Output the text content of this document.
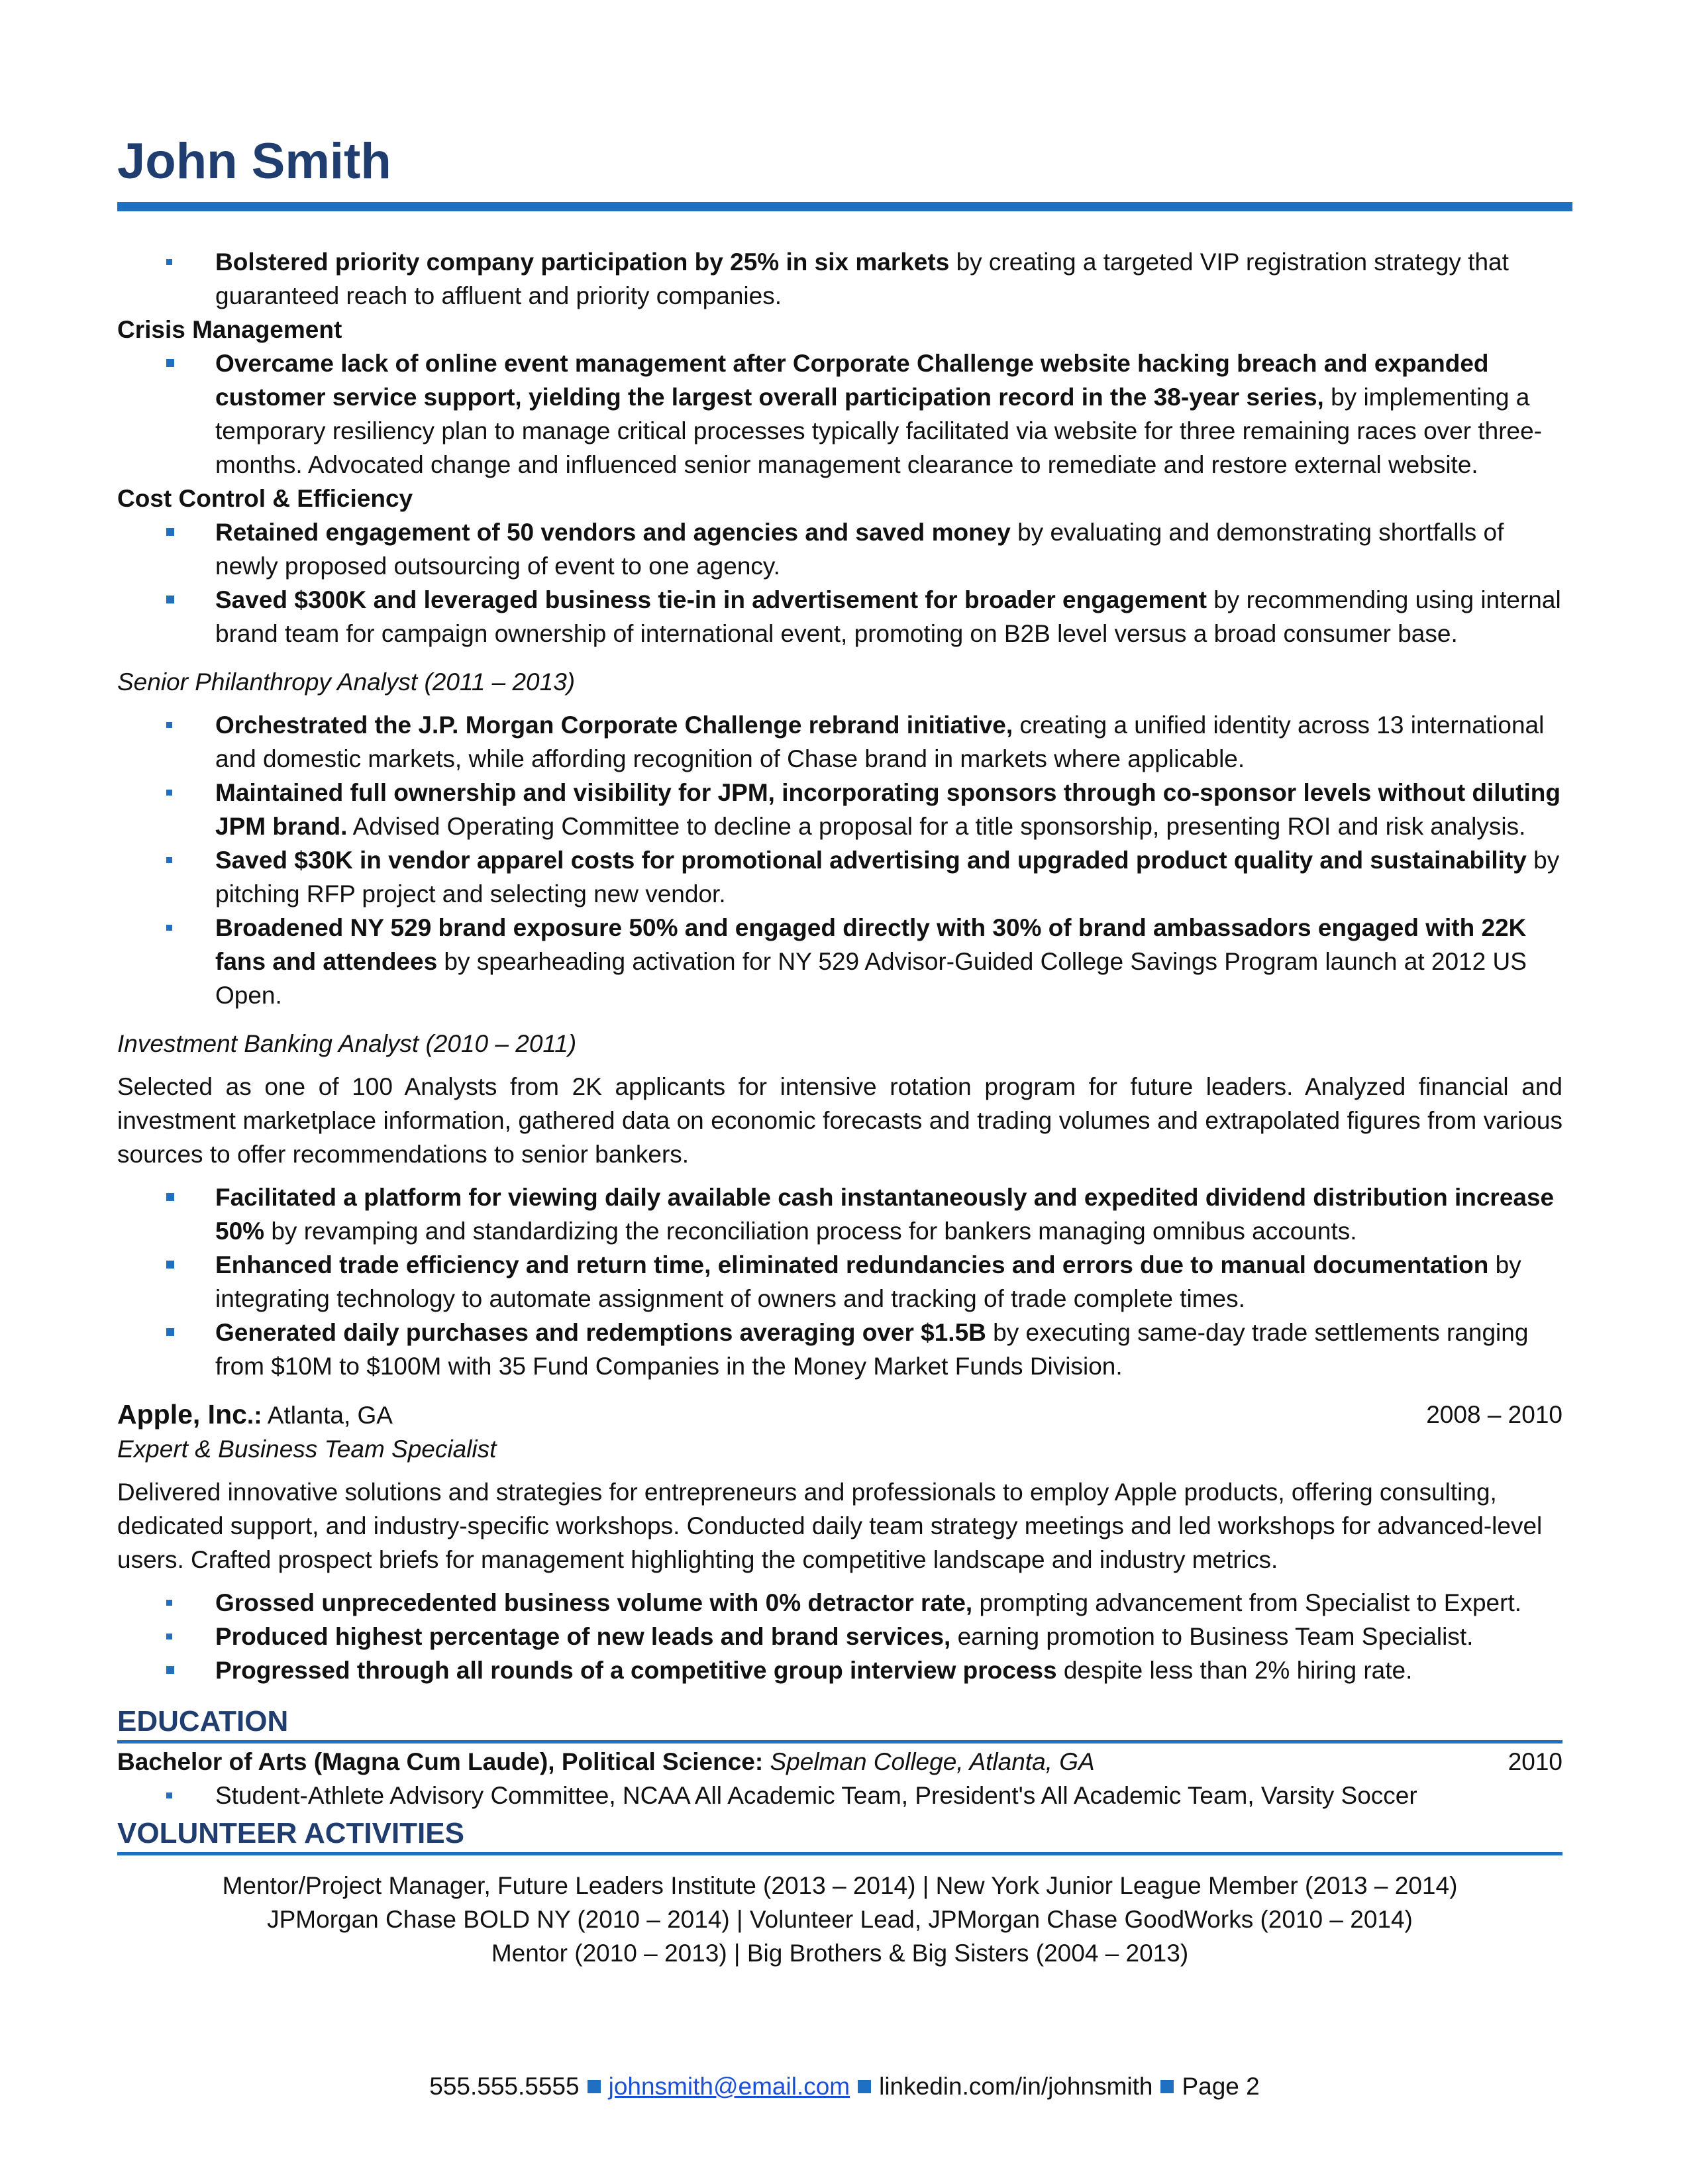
John Smith
Bolstered priority company participation by 25% in six markets by creating a targeted VIP registration strategy that guaranteed reach to affluent and priority companies.
Crisis Management
Overcame lack of online event management after Corporate Challenge website hacking breach and expanded customer service support, yielding the largest overall participation record in the 38-year series, by implementing a temporary resiliency plan to manage critical processes typically facilitated via website for three remaining races over three-months. Advocated change and influenced senior management clearance to remediate and restore external website.
Cost Control & Efficiency
Retained engagement of 50 vendors and agencies and saved money by evaluating and demonstrating shortfalls of newly proposed outsourcing of event to one agency.
Saved $300K and leveraged business tie-in in advertisement for broader engagement by recommending using internal brand team for campaign ownership of international event, promoting on B2B level versus a broad consumer base.
Senior Philanthropy Analyst (2011 – 2013)
Orchestrated the J.P. Morgan Corporate Challenge rebrand initiative, creating a unified identity across 13 international and domestic markets, while affording recognition of Chase brand in markets where applicable.
Maintained full ownership and visibility for JPM, incorporating sponsors through co-sponsor levels without diluting JPM brand. Advised Operating Committee to decline a proposal for a title sponsorship, presenting ROI and risk analysis.
Saved $30K in vendor apparel costs for promotional advertising and upgraded product quality and sustainability by pitching RFP project and selecting new vendor.
Broadened NY 529 brand exposure 50% and engaged directly with 30% of brand ambassadors engaged with 22K fans and attendees by spearheading activation for NY 529 Advisor-Guided College Savings Program launch at 2012 US Open.
Investment Banking Analyst (2010 – 2011)
Selected as one of 100 Analysts from 2K applicants for intensive rotation program for future leaders. Analyzed financial and investment marketplace information, gathered data on economic forecasts and trading volumes and extrapolated figures from various sources to offer recommendations to senior bankers.
Facilitated a platform for viewing daily available cash instantaneously and expedited dividend distribution increase 50% by revamping and standardizing the reconciliation process for bankers managing omnibus accounts.
Enhanced trade efficiency and return time, eliminated redundancies and errors due to manual documentation by integrating technology to automate assignment of owners and tracking of trade complete times.
Generated daily purchases and redemptions averaging over $1.5B by executing same-day trade settlements ranging from $10M to $100M with 35 Fund Companies in the Money Market Funds Division.
Apple, Inc.: Atlanta, GA	2008 – 2010
Expert & Business Team Specialist
Delivered innovative solutions and strategies for entrepreneurs and professionals to employ Apple products, offering consulting, dedicated support, and industry-specific workshops. Conducted daily team strategy meetings and led workshops for advanced-level users. Crafted prospect briefs for management highlighting the competitive landscape and industry metrics.
Grossed unprecedented business volume with 0% detractor rate, prompting advancement from Specialist to Expert.
Produced highest percentage of new leads and brand services, earning promotion to Business Team Specialist.
Progressed through all rounds of a competitive group interview process despite less than 2% hiring rate.
EDUCATION
Bachelor of Arts (Magna Cum Laude), Political Science: Spelman College, Atlanta, GA	2010
Student-Athlete Advisory Committee, NCAA All Academic Team, President's All Academic Team, Varsity Soccer
VOLUNTEER ACTIVITIES
Mentor/Project Manager, Future Leaders Institute (2013 – 2014) | New York Junior League Member (2013 – 2014)
JPMorgan Chase BOLD NY (2010 – 2014) | Volunteer Lead, JPMorgan Chase GoodWorks (2010 – 2014)
Mentor (2010 – 2013) | Big Brothers & Big Sisters (2004 – 2013)
555.555.5555 johnsmith@email.com linkedin.com/in/johnsmith Page 2
